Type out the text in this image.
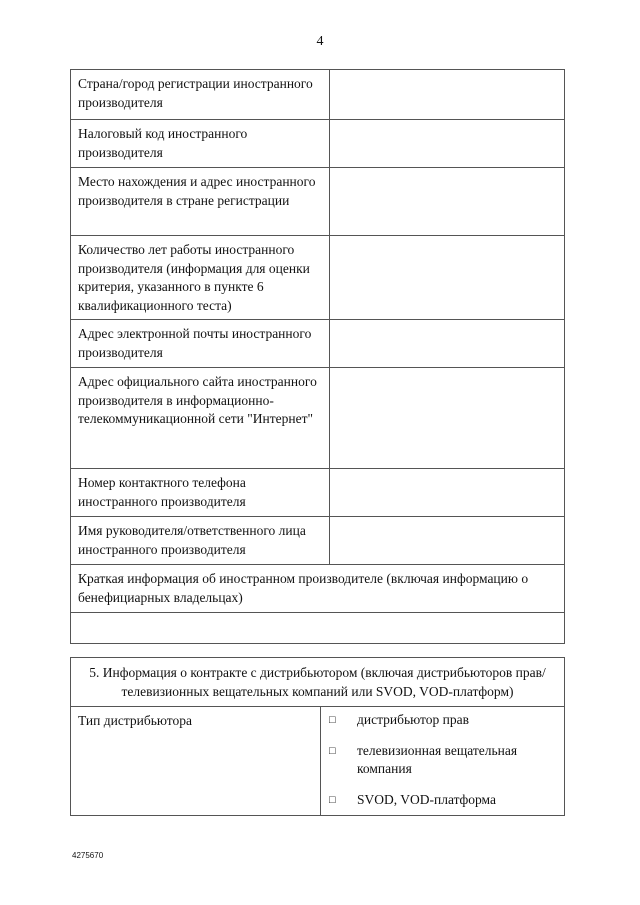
4
Страна/город регистрации иностранного производителя	
Налоговый код иностранного производителя	
Место нахождения и адрес иностранного производителя в стране регистрации	
Количество лет работы иностранного производителя (информация для оценки критерия, указанного в пункте 6 квалификационного теста)	
Адрес электронной почты иностранного производителя	
Адрес официального сайта иностранного производителя в информационно-телекоммуникационной сети "Интернет"	
Номер контактного телефона иностранного производителя	
Имя руководителя/ответственного лица иностранного производителя	
Краткая информация об иностранном производителе (включая информацию о бенефициарных владельцах)	

5. Информация о контракте с дистрибьютором (включая дистрибьюторов прав/телевизионных вещательных компаний или SVOD, VOD-платформ)
Тип дистрибьютора	□	дистрибьютор прав
□	телевизионная вещательная компания
□	SVOD, VOD-платформа
4275670
